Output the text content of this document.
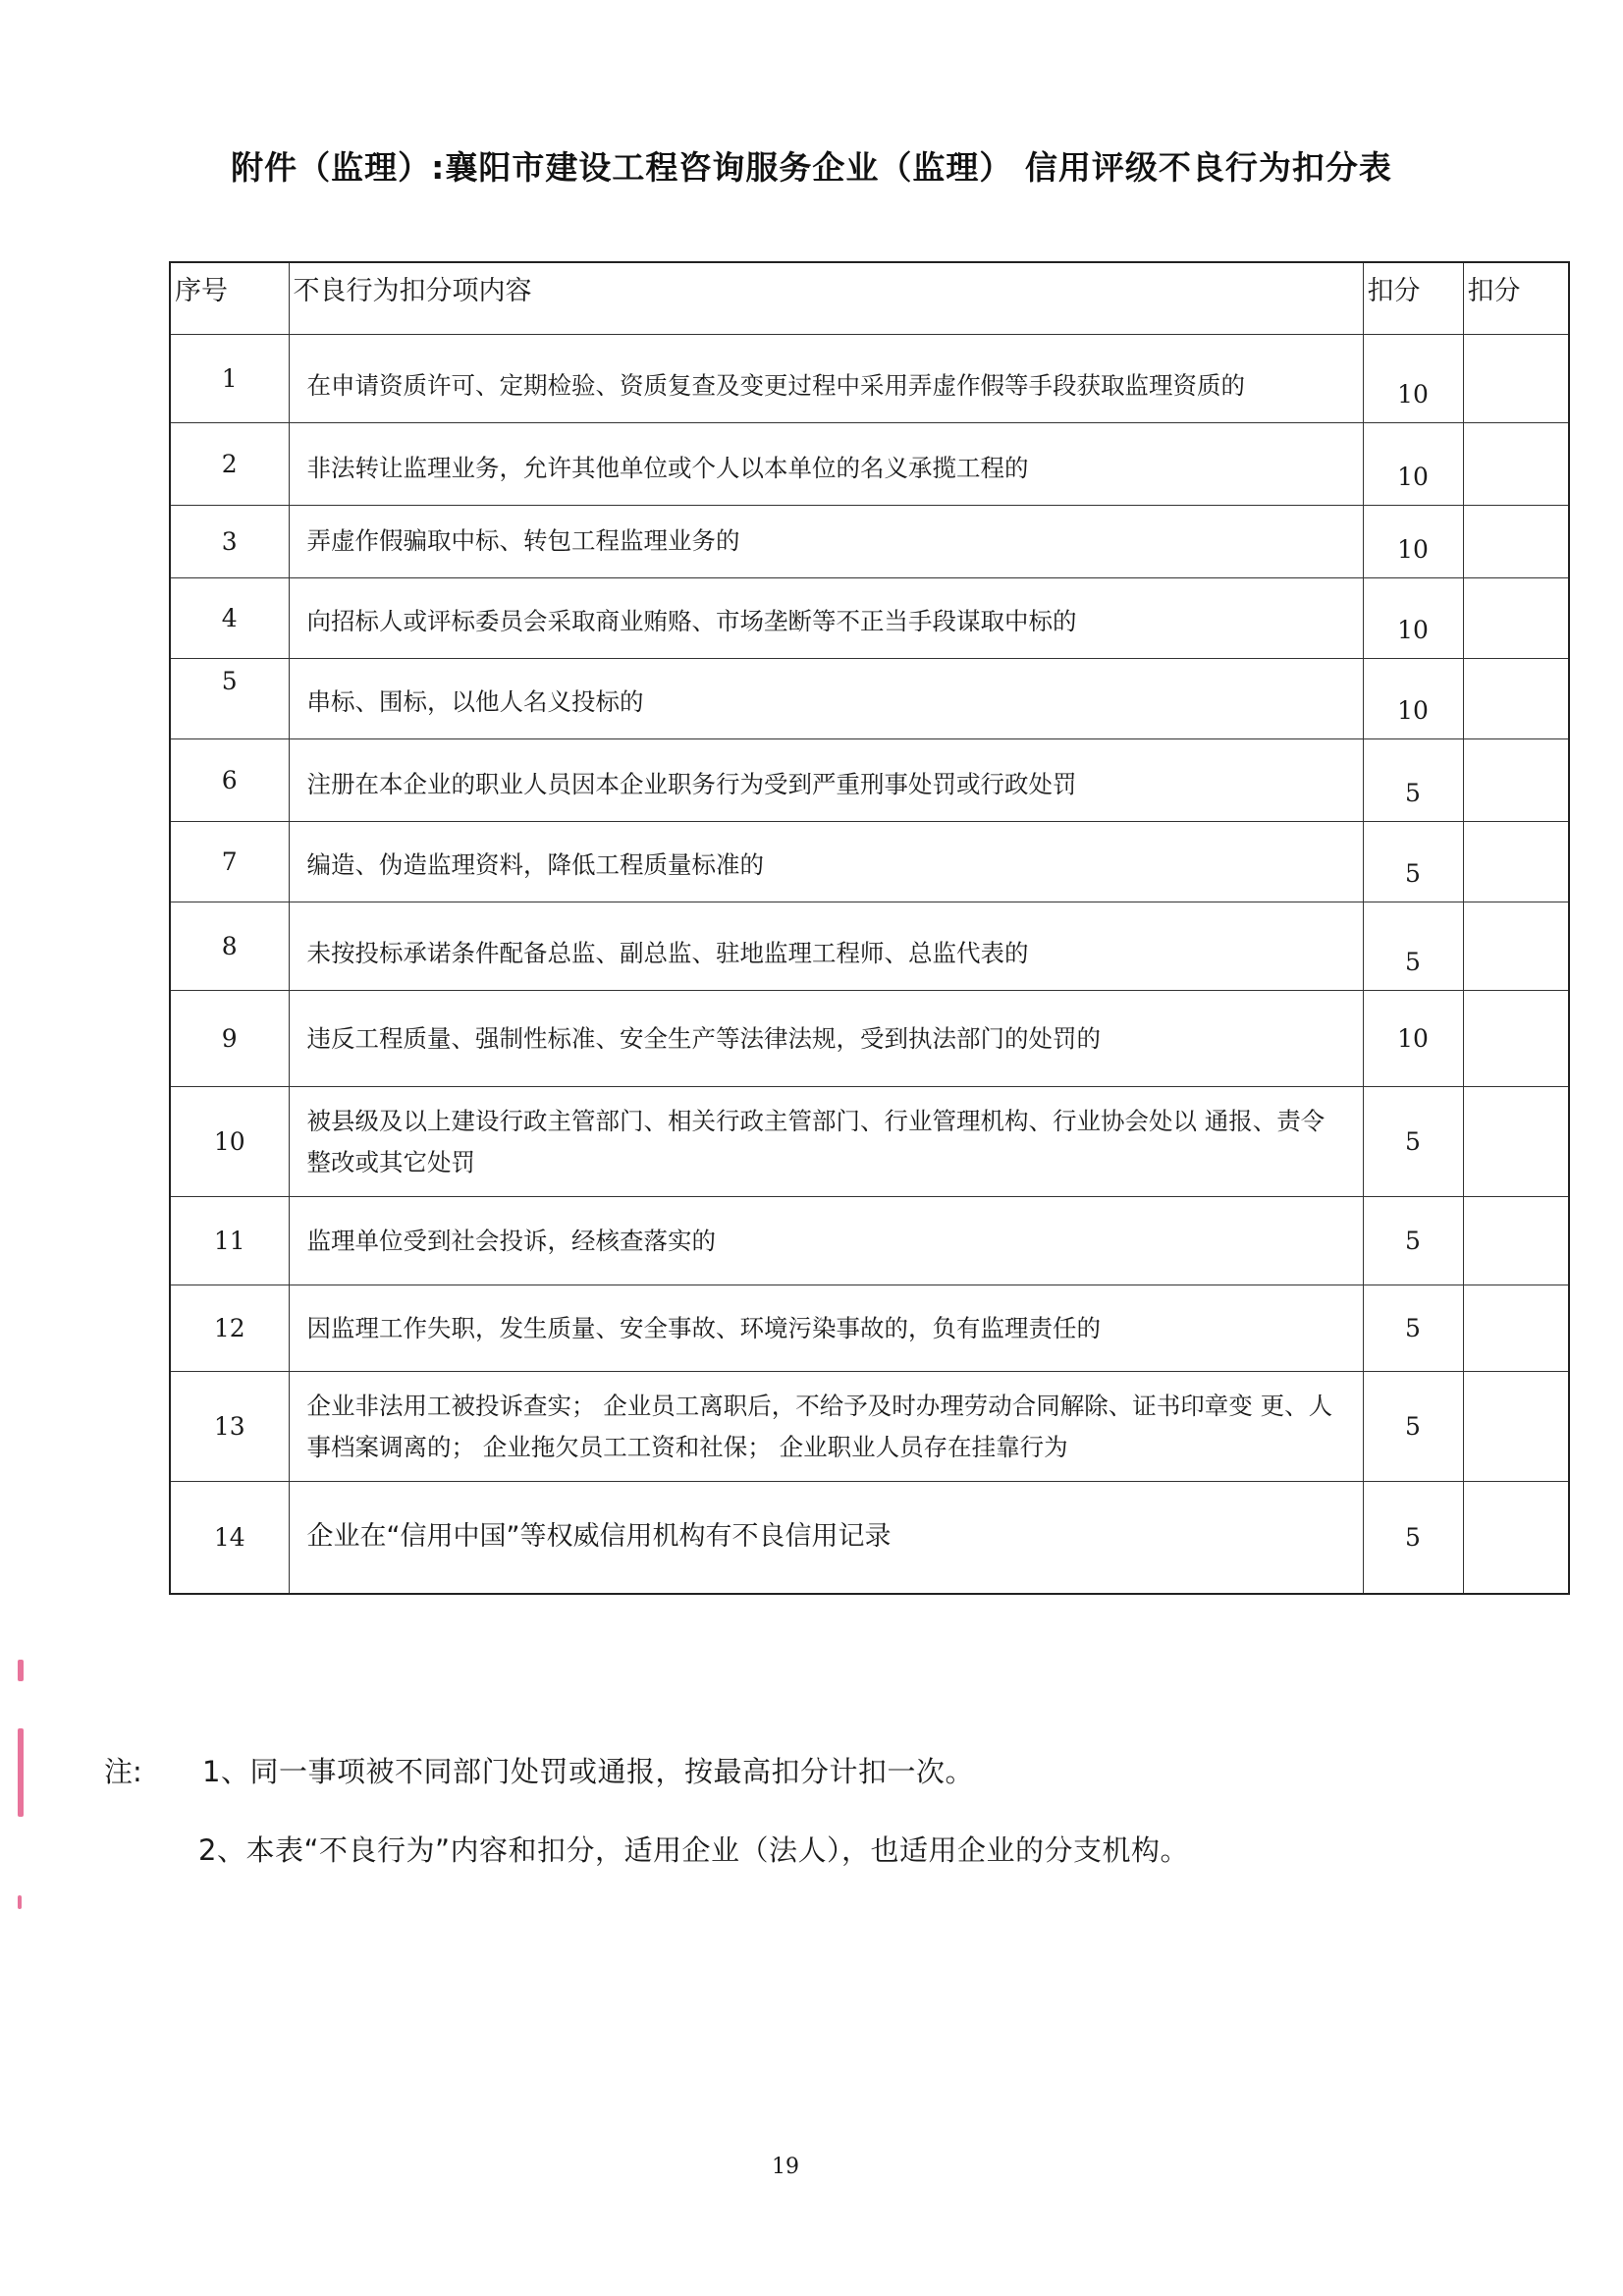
附件（监理）:襄阳市建设工程咨询服务企业（监理） 信用评级不良行为扣分表
序号	不良行为扣分项内容	扣分	扣分
1	在申请资质许可、定期检验、资质复查及变更过程中采用弄虚作假等手段获取监理资质的	10	
2	非法转让监理业务，允许其他单位或个人以本单位的名义承揽工程的	10	
3	弄虚作假骗取中标、转包工程监理业务的	10	
4	向招标人或评标委员会采取商业贿赂、市场垄断等不正当手段谋取中标的	10	
5	串标、围标，以他人名义投标的	10	
6	注册在本企业的职业人员因本企业职务行为受到严重刑事处罚或行政处罚	5	
7	编造、伪造监理资料，降低工程质量标准的	5	
8	未按投标承诺条件配备总监、副总监、驻地监理工程师、总监代表的	5	
9	违反工程质量、强制性标准、安全生产等法律法规，受到执法部门的处罚的	10	
10	被县级及以上建设行政主管部门、相关行政主管部门、行业管理机构、行业协会处以 通报、责令整改或其它处罚	5	
11	监理单位受到社会投诉，经核查落实的	5	
12	因监理工作失职，发生质量、安全事故、环境污染事故的，负有监理责任的	5	
13	企业非法用工被投诉查实； 企业员工离职后，不给予及时办理劳动合同解除、证书印章变 更、人事档案调离的； 企业拖欠员工工资和社保； 企业职业人员存在挂靠行为	5	
14	企业在“信用中国”等权威信用机构有不良信用记录	5	
注: 1、同一事项被不同部门处罚或通报，按最高扣分计扣一次。
2、本表“不良行为”内容和扣分，适用企业（法人），也适用企业的分支机构。
19
